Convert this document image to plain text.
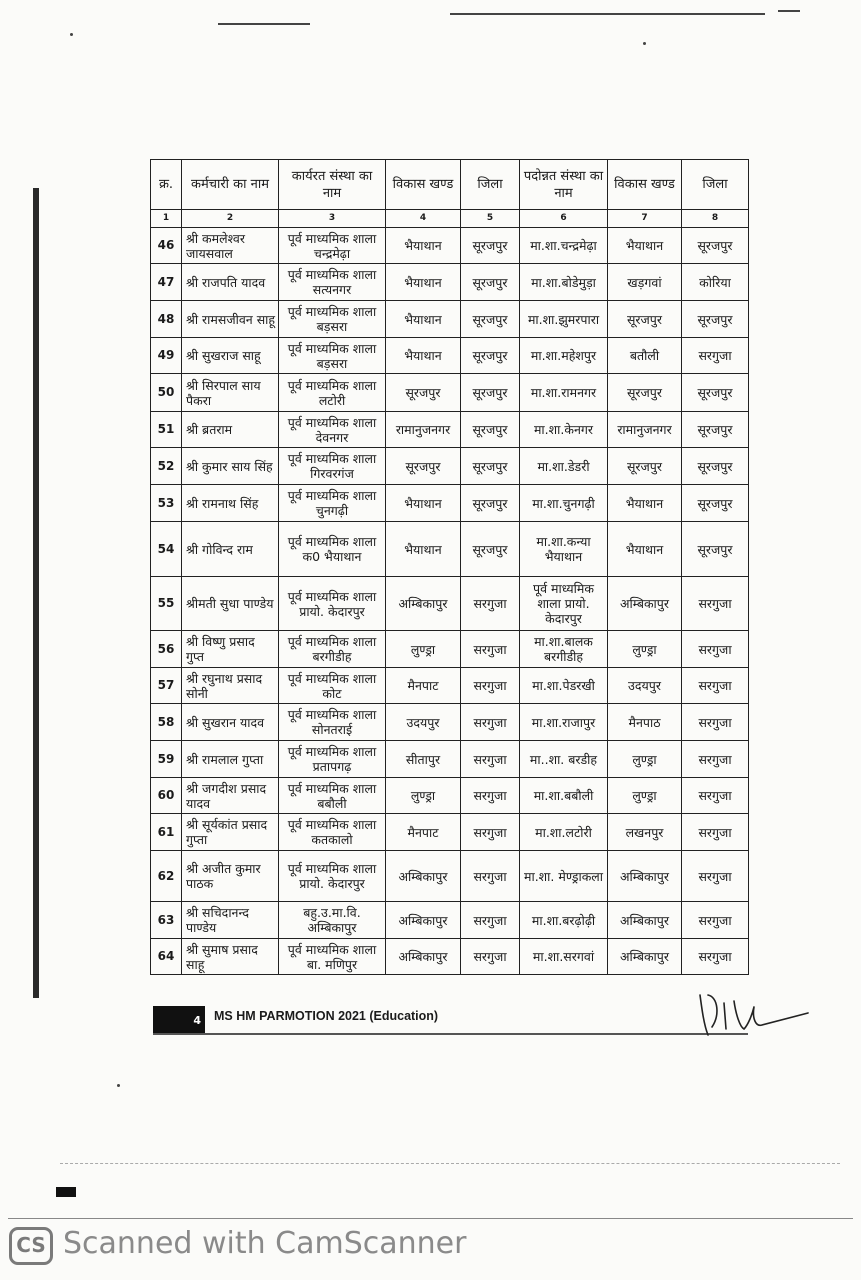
क्र.	कर्मचारी का नाम	कार्यरत संस्था का नाम	विकास खण्ड	जिला	पदोन्नत संस्था का नाम	विकास खण्ड	जिला
1	2	3	4	5	6	7	8
46	श्री कमलेश्वर जायसवाल	पूर्व माध्यमिक शाला चन्द्रमेढ़ा	भैयाथान	सूरजपुर	मा.शा.चन्द्रमेढ़ा	भैयाथान	सूरजपुर
47	श्री राजपति यादव	पूर्व माध्यमिक शाला सत्यनगर	भैयाथान	सूरजपुर	मा.शा.बोडेमुड़ा	खड़गवां	कोरिया
48	श्री रामसजीवन साहू	पूर्व माध्यमिक शाला बड़सरा	भैयाथान	सूरजपुर	मा.शा.झुमरपारा	सूरजपुर	सूरजपुर
49	श्री सुखराज साहू	पूर्व माध्यमिक शाला बड़सरा	भैयाथान	सूरजपुर	मा.शा.महेशपुर	बतौली	सरगुजा
50	श्री सिरपाल साय पैकरा	पूर्व माध्यमिक शाला लटोरी	सूरजपुर	सूरजपुर	मा.शा.रामनगर	सूरजपुर	सूरजपुर
51	श्री ब्रतराम	पूर्व माध्यमिक शाला देवनगर	रामानुजनगर	सूरजपुर	मा.शा.केनगर	रामानुजनगर	सूरजपुर
52	श्री कुमार साय सिंह	पूर्व माध्यमिक शाला गिरवरगंज	सूरजपुर	सूरजपुर	मा.शा.डेडरी	सूरजपुर	सूरजपुर
53	श्री रामनाथ सिंह	पूर्व माध्यमिक शाला चुनगढ़ी	भैयाथान	सूरजपुर	मा.शा.चुनगढ़ी	भैयाथान	सूरजपुर
54	श्री गोविन्द राम	पूर्व माध्यमिक शाला क0 भैयाथान	भैयाथान	सूरजपुर	मा.शा.कन्या भैयाथान	भैयाथान	सूरजपुर
55	श्रीमती सुधा पाण्डेय	पूर्व माध्यमिक शाला प्रायो. केदारपुर	अम्बिकापुर	सरगुजा	पूर्व माध्यमिक शाला प्रायो. केदारपुर	अम्बिकापुर	सरगुजा
56	श्री विष्णु प्रसाद गुप्त	पूर्व माध्यमिक शाला बरगीडीह	लुण्ड्रा	सरगुजा	मा.शा.बालक बरगीडीह	लुण्ड्रा	सरगुजा
57	श्री रघुनाथ प्रसाद सोनी	पूर्व माध्यमिक शाला कोट	मैनपाट	सरगुजा	मा.शा.पेडरखी	उदयपुर	सरगुजा
58	श्री सुखरान यादव	पूर्व माध्यमिक शाला सोनतराई	उदयपुर	सरगुजा	मा.शा.राजापुर	मैनपाठ	सरगुजा
59	श्री रामलाल गुप्ता	पूर्व माध्यमिक शाला प्रतापगढ़	सीतापुर	सरगुजा	मा..शा. बरडीह	लुण्ड्रा	सरगुजा
60	श्री जगदीश प्रसाद यादव	पूर्व माध्यमिक शाला बबौली	लुण्ड्रा	सरगुजा	मा.शा.बबौली	लुण्ड्रा	सरगुजा
61	श्री सूर्यकांत प्रसाद गुप्ता	पूर्व माध्यमिक शाला कतकालो	मैनपाट	सरगुजा	मा.शा.लटोरी	लखनपुर	सरगुजा
62	श्री अजीत कुमार पाठक	पूर्व माध्यमिक शाला प्रायो. केदारपुर	अम्बिकापुर	सरगुजा	मा.शा. मेण्ड्राकला	अम्बिकापुर	सरगुजा
63	श्री सचिदानन्द पाण्डेय	बहु.उ.मा.वि. अम्बिकापुर	अम्बिकापुर	सरगुजा	मा.शा.बरढ़ोढ़ी	अम्बिकापुर	सरगुजा
64	श्री सुमाष प्रसाद साहू	पूर्व माध्यमिक शाला बा. मणिपुर	अम्बिकापुर	सरगुजा	मा.शा.सरगवां	अम्बिकापुर	सरगुजा
4	MS HM PARMOTION 2021 (Education)
CS Scanned with CamScanner
